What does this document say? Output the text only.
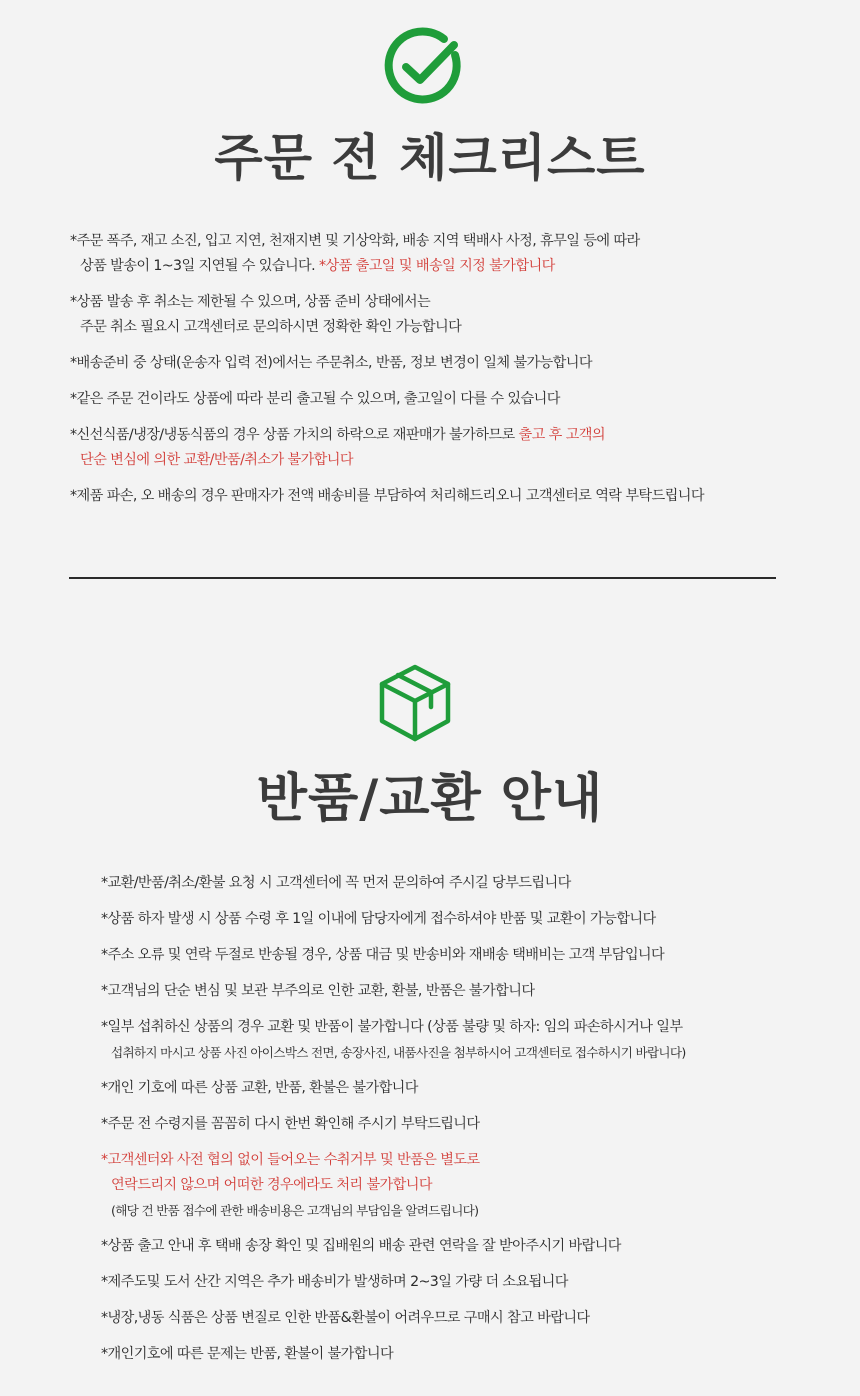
주문 전 체크리스트
*주문 폭주, 재고 소진, 입고 지연, 천재지변 및 기상악화, 배송 지역 택배사 사정, 휴무일 등에 따라
상품 발송이 1~3일 지연될 수 있습니다. *상품 출고일 및 배송일 지정 불가합니다
*상품 발송 후 취소는 제한될 수 있으며, 상품 준비 상태에서는
주문 취소 필요시 고객센터로 문의하시면 정확한 확인 가능합니다
*배송준비 중 상태(운송자 입력 전)에서는 주문취소, 반품, 정보 변경이 일체 불가능합니다
*같은 주문 건이라도 상품에 따라 분리 출고될 수 있으며, 출고일이 다를 수 있습니다
*신선식품/냉장/냉동식품의 경우 상품 가치의 하락으로 재판매가 불가하므로 출고 후 고객의
단순 변심에 의한 교환/반품/취소가 불가합니다
*제품 파손, 오 배송의 경우 판매자가 전액 배송비를 부담하여 처리해드리오니 고객센터로 역락 부탁드립니다
반품/교환 안내
*교환/반품/취소/환불 요청 시 고객센터에 꼭 먼저 문의하여 주시길 당부드립니다
*상품 하자 발생 시 상품 수령 후 1일 이내에 담당자에게 접수하셔야 반품 및 교환이 가능합니다
*주소 오류 및 연락 두절로 반송될 경우, 상품 대금 및 반송비와 재배송 택배비는 고객 부담입니다
*고객님의 단순 변심 및 보관 부주의로 인한 교환, 환불, 반품은 불가합니다
*일부 섭취하신 상품의 경우 교환 및 반품이 불가합니다 (상품 불량 및 하자: 임의 파손하시거나 일부
섭취하지 마시고 상품 사진 아이스박스 전면, 송장사진, 내품사진을 첨부하시어 고객센터로 접수하시기 바랍니다)
*개인 기호에 따른 상품 교환, 반품, 환불은 불가합니다
*주문 전 수령지를 꼼꼼히 다시 한번 확인해 주시기 부탁드립니다
*고객센터와 사전 협의 없이 들어오는 수취거부 및 반품은 별도로
연락드리지 않으며 어떠한 경우에라도 처리 불가합니다
(해당 건 반품 접수에 관한 배송비용은 고객님의 부담임을 알려드립니다)
*상품 출고 안내 후 택배 송장 확인 및 집배원의 배송 관련 연락을 잘 받아주시기 바랍니다
*제주도및 도서 산간 지역은 추가 배송비가 발생하며 2~3일 가량 더 소요됩니다
*냉장,냉동 식품은 상품 변질로 인한 반품&환불이 어려우므로 구매시 참고 바랍니다
*개인기호에 따른 문제는 반품, 환불이 불가합니다
